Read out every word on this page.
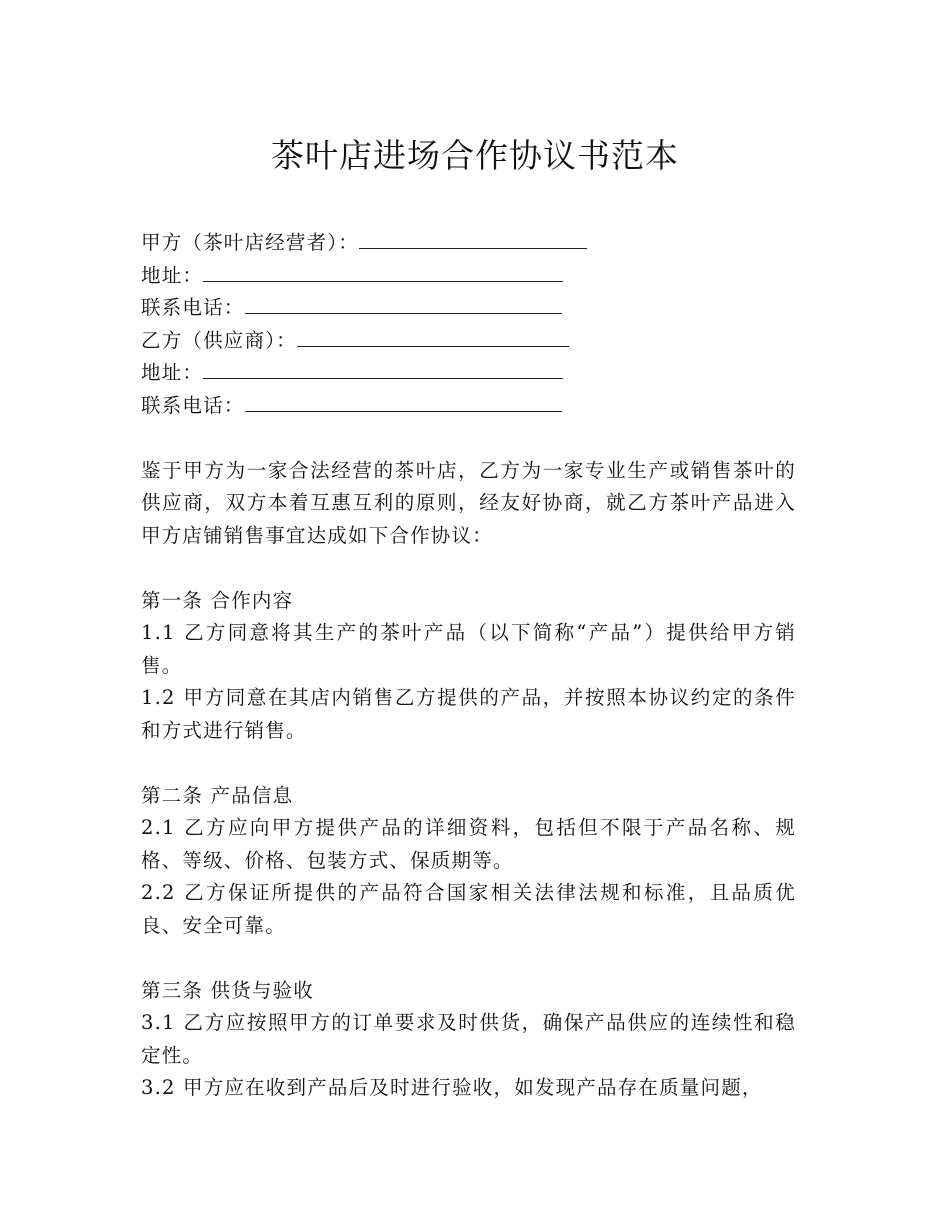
茶叶店进场合作协议书范本
甲方（茶叶店经营者）：
地址：
联系电话：
乙方（供应商）：
地址：
联系电话：

鉴于甲方为一家合法经营的茶叶店，乙方为一家专业生产或销售茶叶的供应商，双方本着互惠互利的原则，经友好协商，就乙方茶叶产品进入甲方店铺销售事宜达成如下合作协议：

第一条 合作内容

1.1 乙方同意将其生产的茶叶产品（以下简称“产品”）提供给甲方销售。

1.2 甲方同意在其店内销售乙方提供的产品，并按照本协议约定的条件和方式进行销售。

第二条 产品信息

2.1 乙方应向甲方提供产品的详细资料，包括但不限于产品名称、规格、等级、价格、包装方式、保质期等。

2.2 乙方保证所提供的产品符合国家相关法律法规和标准，且品质优良、安全可靠。

第三条 供货与验收

3.1 乙方应按照甲方的订单要求及时供货，确保产品供应的连续性和稳定性。

3.2 甲方应在收到产品后及时进行验收，如发现产品存在质量问题，
